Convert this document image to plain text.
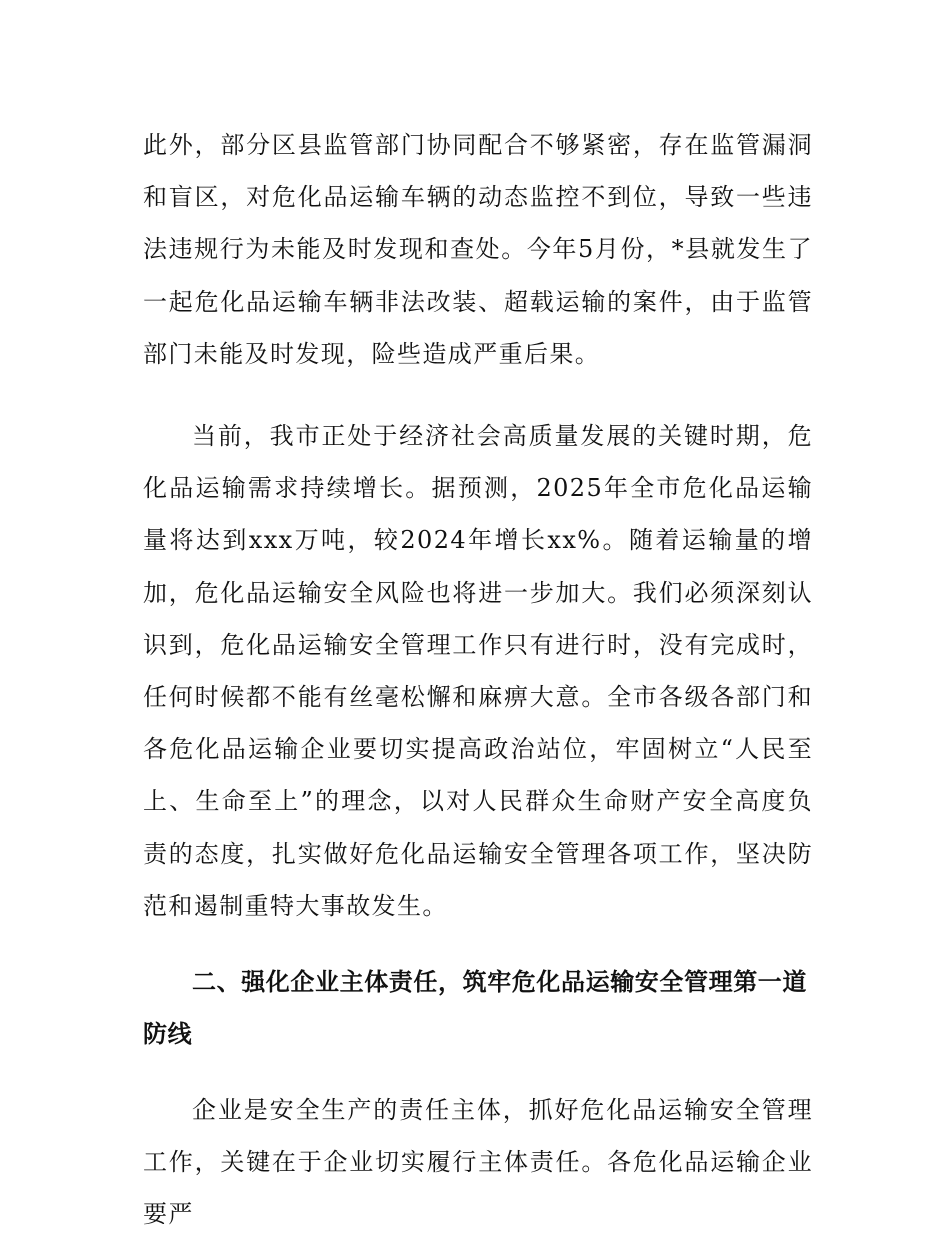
此外，部分区县监管部门协同配合不够紧密，存在监管漏洞和盲区，对危化品运输车辆的动态监控不到位，导致一些违法违规行为未能及时发现和查处。今年5月份，*县就发生了一起危化品运输车辆非法改装、超载运输的案件，由于监管部门未能及时发现，险些造成严重后果。

当前，我市正处于经济社会高质量发展的关键时期，危化品运输需求持续增长。据预测，2025年全市危化品运输量将达到xxx万吨，较2024年增长xx%。随着运输量的增加，危化品运输安全风险也将进一步加大。我们必须深刻认识到，危化品运输安全管理工作只有进行时，没有完成时，任何时候都不能有丝毫松懈和麻痹大意。全市各级各部门和各危化品运输企业要切实提高政治站位，牢固树立“人民至上、生命至上”的理念，以对人民群众生命财产安全高度负责的态度，扎实做好危化品运输安全管理各项工作，坚决防范和遏制重特大事故发生。

二、强化企业主体责任，筑牢危化品运输安全管理第一道防线

企业是安全生产的责任主体，抓好危化品运输安全管理工作，关键在于企业切实履行主体责任。各危化品运输企业要严
